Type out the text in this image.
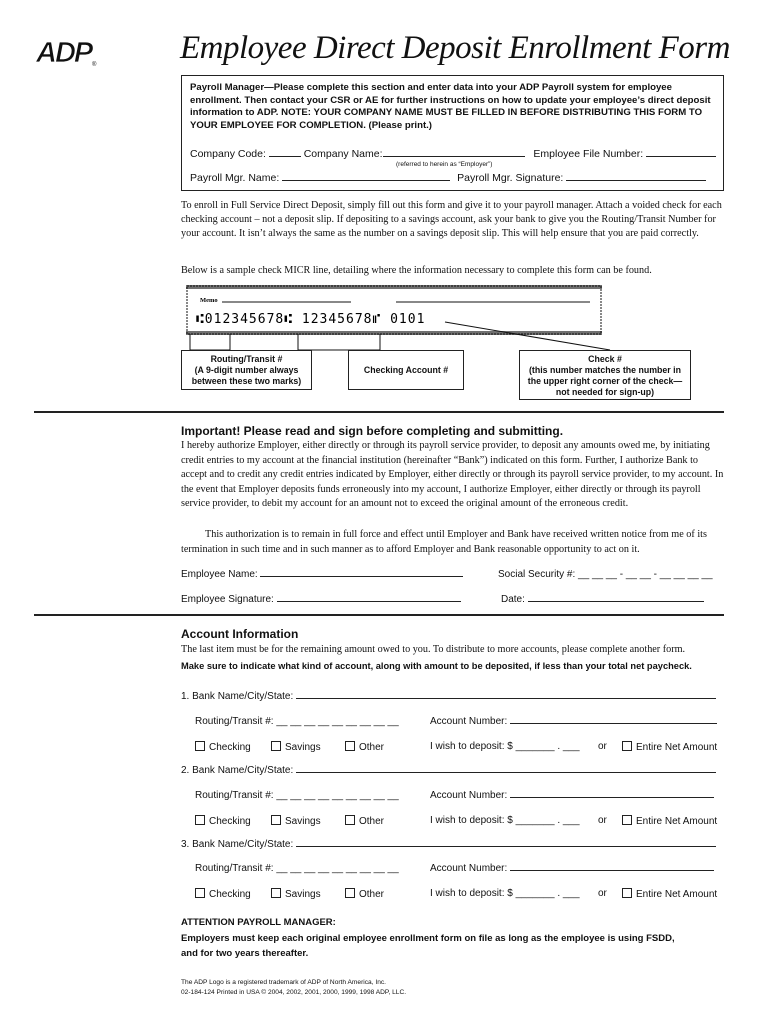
ADP ®	Employee Direct Deposit Enrollment Form
Payroll Manager—Please complete this section and enter data into your ADP Payroll system for employee enrollment. Then contact your CSR or AE for further instructions on how to update your employee’s direct deposit information to ADP. NOTE: YOUR COMPANY NAME MUST BE FILLED IN BEFORE DISTRIBUTING THIS FORM TO YOUR EMPLOYEE FOR COMPLETION. (Please print.)
Company Code:	Company Name:	Employee File Number:
(referred to herein as “Employer”)
Payroll Mgr. Name:	Payroll Mgr. Signature:
To enroll in Full Service Direct Deposit, simply fill out this form and give it to your payroll manager. Attach a voided check for each checking account – not a deposit slip. If depositing to a savings account, ask your bank to give you the Routing/Transit Number for your account. It isn’t always the same as the number on a savings deposit slip. This will help ensure that you are paid correctly.
Below is a sample check MICR line, detailing where the information necessary to complete this form can be found.
Memo
⑆012345678⑆ 12345678⑈ 0101
Routing/Transit #
(A 9-digit number always
between these two marks)
Checking Account #
Check #
(this number matches the number in
the upper right corner of the check—
not needed for sign-up)
Important! Please read and sign before completing and submitting.
I hereby authorize Employer, either directly or through its payroll service provider, to deposit any amounts owed me, by initiating credit entries to my account at the financial institution (hereinafter “Bank”) indicated on this form. Further, I authorize Bank to accept and to credit any credit entries indicated by Employer, either directly or through its payroll service provider, to my account. In the event that Employer deposits funds erroneously into my account, I authorize Employer, either directly or through its payroll service provider, to debit my account for an amount not to exceed the original amount of the erroneous credit.
This authorization is to remain in full force and effect until Employer and Bank have received written notice from me of its termination in such time and in such manner as to afford Employer and Bank reasonable opportunity to act on it.
Employee Name:	Social Security #: __ __ __ - __ __ - __ __ __ __
Employee Signature:	Date:
Account Information
The last item must be for the remaining amount owed to you. To distribute to more accounts, please complete another form.
Make sure to indicate what kind of account, along with amount to be deposited, if less than your total net paycheck.
1. Bank Name/City/State:
Routing/Transit #: __ __ __ __ __ __ __ __ __	Account Number:
Checking	Savings	Other	I wish to deposit: $ _______ . ___ or	Entire Net Amount
2. Bank Name/City/State:
Routing/Transit #: __ __ __ __ __ __ __ __ __	Account Number:
Checking	Savings	Other	I wish to deposit: $ _______ . ___ or	Entire Net Amount
3. Bank Name/City/State:
Routing/Transit #: __ __ __ __ __ __ __ __ __	Account Number:
Checking	Savings	Other	I wish to deposit: $ _______ . ___ or	Entire Net Amount
ATTENTION PAYROLL MANAGER:
Employers must keep each original employee enrollment form on file as long as the employee is using FSDD,
and for two years thereafter.
The ADP Logo is a registered trademark of ADP of North America, Inc.
02-184-124 Printed in USA © 2004, 2002, 2001, 2000, 1999, 1998 ADP, LLC.
